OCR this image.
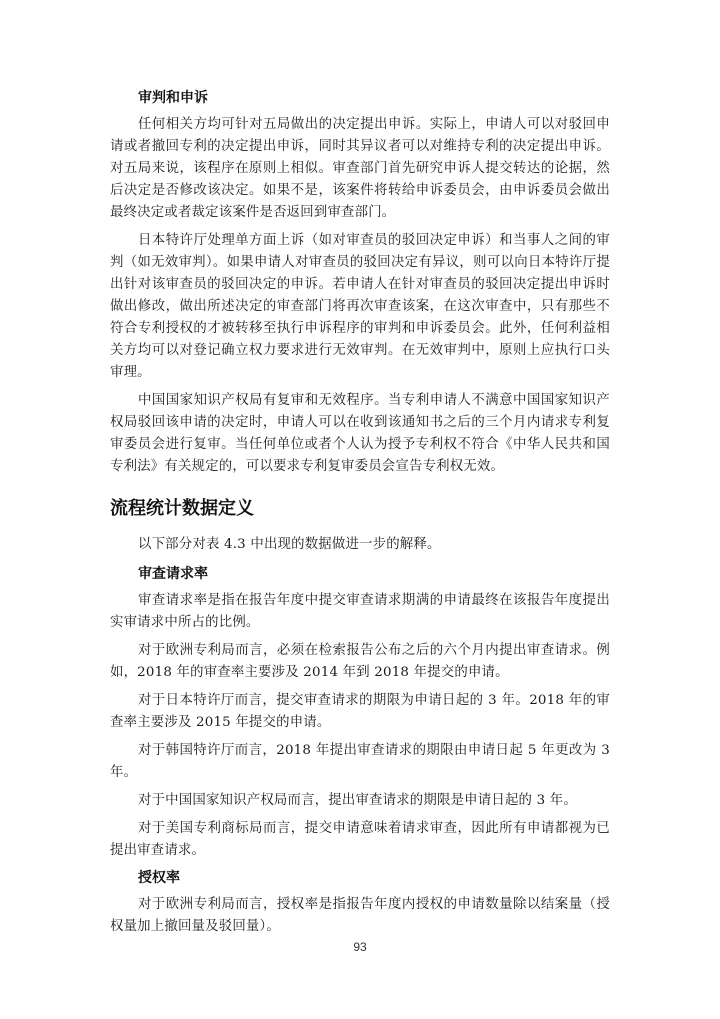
审判和申诉

任何相关方均可针对五局做出的决定提出申诉。实际上，申请人可以对驳回申请或者撤回专利的决定提出申诉，同时其异议者可以对维持专利的决定提出申诉。对五局来说，该程序在原则上相似。审查部门首先研究申诉人提交转达的论据，然后决定是否修改该决定。如果不是，该案件将转给申诉委员会，由申诉委员会做出最终决定或者裁定该案件是否返回到审查部门。

日本特许厅处理单方面上诉（如对审查员的驳回决定申诉）和当事人之间的审判（如无效审判）。如果申请人对审查员的驳回决定有异议，则可以向日本特许厅提出针对该审查员的驳回决定的申诉。若申请人在针对审查员的驳回决定提出申诉时做出修改，做出所述决定的审查部门将再次审查该案，在这次审查中，只有那些不符合专利授权的才被转移至执行申诉程序的审判和申诉委员会。此外，任何利益相关方均可以对登记确立权力要求进行无效审判。在无效审判中，原则上应执行口头审理。

中国国家知识产权局有复审和无效程序。当专利申请人不满意中国国家知识产权局驳回该申请的决定时，申请人可以在收到该通知书之后的三个月内请求专利复审委员会进行复审。当任何单位或者个人认为授予专利权不符合《中华人民共和国专利法》有关规定的，可以要求专利复审委员会宣告专利权无效。

流程统计数据定义

以下部分对表 4.3 中出现的数据做进一步的解释。

审查请求率

审查请求率是指在报告年度中提交审查请求期满的申请最终在该报告年度提出实审请求中所占的比例。

对于欧洲专利局而言，必须在检索报告公布之后的六个月内提出审查请求。例如，2018 年的审查率主要涉及 2014 年到 2018 年提交的申请。

对于日本特许厅而言，提交审查请求的期限为申请日起的 3 年。2018 年的审查率主要涉及 2015 年提交的申请。

对于韩国特许厅而言，2018 年提出审查请求的期限由申请日起 5 年更改为 3 年。

对于中国国家知识产权局而言，提出审查请求的期限是申请日起的 3 年。

对于美国专利商标局而言，提交申请意味着请求审查，因此所有申请都视为已提出审查请求。

授权率

对于欧洲专利局而言，授权率是指报告年度内授权的申请数量除以结案量（授权量加上撤回量及驳回量）。

93
